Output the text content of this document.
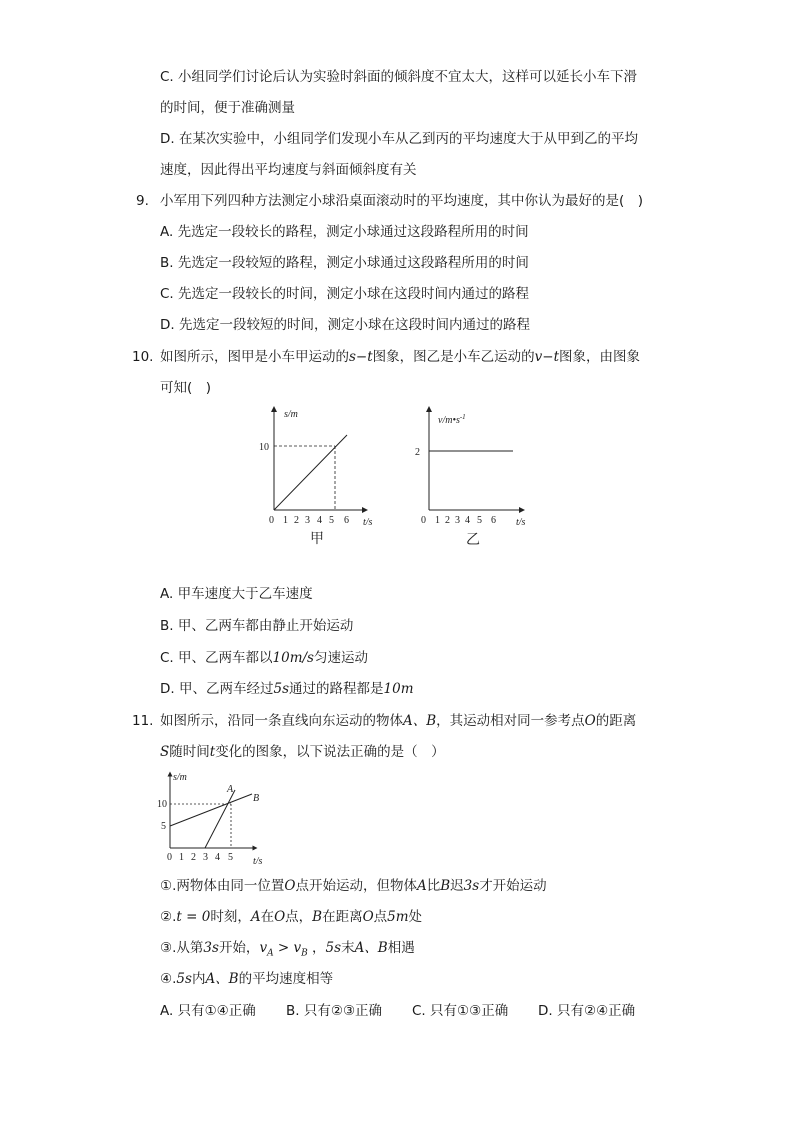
C. 小组同学们讨论后认为实验时斜面的倾斜度不宜太大，这样可以延长小车下滑
的时间，便于准确测量
D. 在某次实验中，小组同学们发现小车从乙到丙的平均速度大于从甲到乙的平均
速度，因此得出平均速度与斜面倾斜度有关
9. 小军用下列四种方法测定小球沿桌面滚动时的平均速度，其中你认为最好的是(　)
A. 先选定一段较长的路程，测定小球通过这段路程所用的时间
B. 先选定一段较短的路程，测定小球通过这段路程所用的时间
C. 先选定一段较长的时间，测定小球在这段时间内通过的路程
D. 先选定一段较短的时间，测定小球在这段时间内通过的路程
10. 如图所示，图甲是小车甲运动的s−t图象，图乙是小车乙运动的v−t图象，由图象
可知(　)
s/m
10
0 1 2 3 4 5 6 t/s
甲
$v/m•s^{-1}$
2
0 1 2 3 4 5 6 t/s
乙
A. 甲车速度大于乙车速度
B. 甲、乙两车都由静止开始运动
C. 甲、乙两车都以10m/s匀速运动
D. 甲、乙两车经过5s通过的路程都是10m
11. 如图所示，沿同一条直线向东运动的物体A、B，其运动相对同一参考点O的距离
S随时间t变化的图象，以下说法正确的是（　）
s/m
10
5
A
B
0 1 2 3 4 5 t/s
①.两物体由同一位置O点开始运动，但物体A比B迟3s才开始运动
②.t = 0时刻，A在O点，B在距离O点5m处
③.从第3s开始，$v_A > v_B$ ，5s末A、B相遇
④.5s内A、B的平均速度相等
A. 只有①④正确 B. 只有②③正确 C. 只有①③正确 D. 只有②④正确
